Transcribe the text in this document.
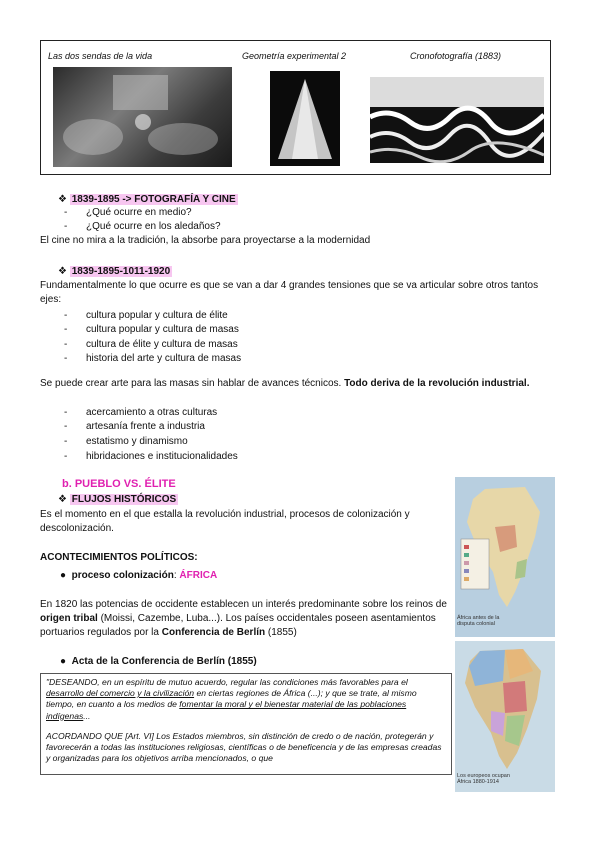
Las dos sendas de la vida	Geometría experimental 2	Cronofotografía (1883)
❖ 1839-1895 -> FOTOGRAFÍA Y CINE
- ¿Qué ocurre en medio?
- ¿Qué ocurre en los aledaños?
El cine no mira a la tradición, la absorbe para proyectarse a la modernidad
❖ 1839-1895-1011-1920
Fundamentalmente lo que ocurre es que se van a dar 4 grandes tensiones que se va articular sobre otros tantos ejes:
- cultura popular y cultura de élite
- cultura popular y cultura de masas
- cultura de élite y cultura de masas
- historia del arte y cultura de masas
Se puede crear arte para las masas sin hablar de avances técnicos. Todo deriva de la revolución industrial.
- acercamiento a otras culturas
- artesanía frente a industria
- estatismo y dinamismo
- hibridaciones e institucionalidades
b. PUEBLO VS. ÉLITE
❖ FLUJOS HISTÓRICOS
Es el momento en el que estalla la revolución industrial, procesos de colonización y descolonización.
ACONTECIMIENTOS POLÍTICOS:
● proceso colonización: ÁFRICA
En 1820 las potencias de occidente establecen un interés predominante sobre los reinos de origen tribal (Moissi, Cazembe, Luba...). Los países occidentales poseen asentamientos portuarios regulados por la Conferencia de Berlín (1855)
● Acta de la Conferencia de Berlín (1855)
"DESEANDO, en un espíritu de mutuo acuerdo, regular las condiciones más favorables para el desarrollo del comercio y la civilización en ciertas regiones de África (...); y que se trate, al mismo tiempo, en cuanto a los medios de fomentar la moral y el bienestar material de las poblaciones indígenas...
ACORDANDO QUE [Art. VI] Los Estados miembros, sin distinción de credo o de nación, protegerán y favorecerán a todas las instituciones religiosas, científicas o de beneficencia y de las empresas creadas y organizadas para los objetivos arriba mencionados, o que
África antes de la disputa colonial
Los europeos ocupan África 1880-1914
